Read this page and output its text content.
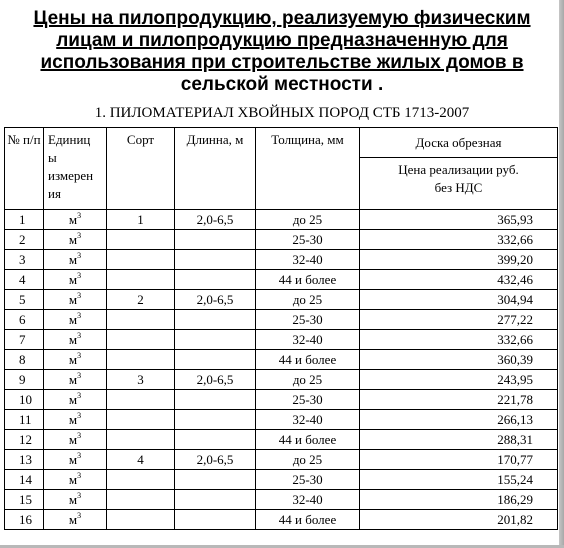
Цены на пилопродукцию, реализуемую физическим
лицам и пилопродукцию предназначенную для
использования при строительстве жилых домов в
сельской местности .
1. ПИЛОМАТЕРИАЛ ХВОЙНЫХ ПОРОД СТБ 1713-2007
№ п/п	Единиц
ы
измерен
ия	Сорт	Длинна, м	Толщина, мм	Доска обрезная
					Цена реализации руб.
без НДС
1	$м^3$	1	2,0-6,5	до 25	365,93
2	$м^3$			25-30	332,66
3	$м^3$			32-40	399,20
4	$м^3$			44 и более	432,46
5	$м^3$	2	2,0-6,5	до 25	304,94
6	$м^3$			25-30	277,22
7	$м^3$			32-40	332,66
8	$м^3$			44 и более	360,39
9	$м^3$	3	2,0-6,5	до 25	243,95
10	$м^3$			25-30	221,78
11	$м^3$			32-40	266,13
12	$м^3$			44 и более	288,31
13	$м^3$	4	2,0-6,5	до 25	170,77
14	$м^3$			25-30	155,24
15	$м^3$			32-40	186,29
16	$м^3$			44 и более	201,82
